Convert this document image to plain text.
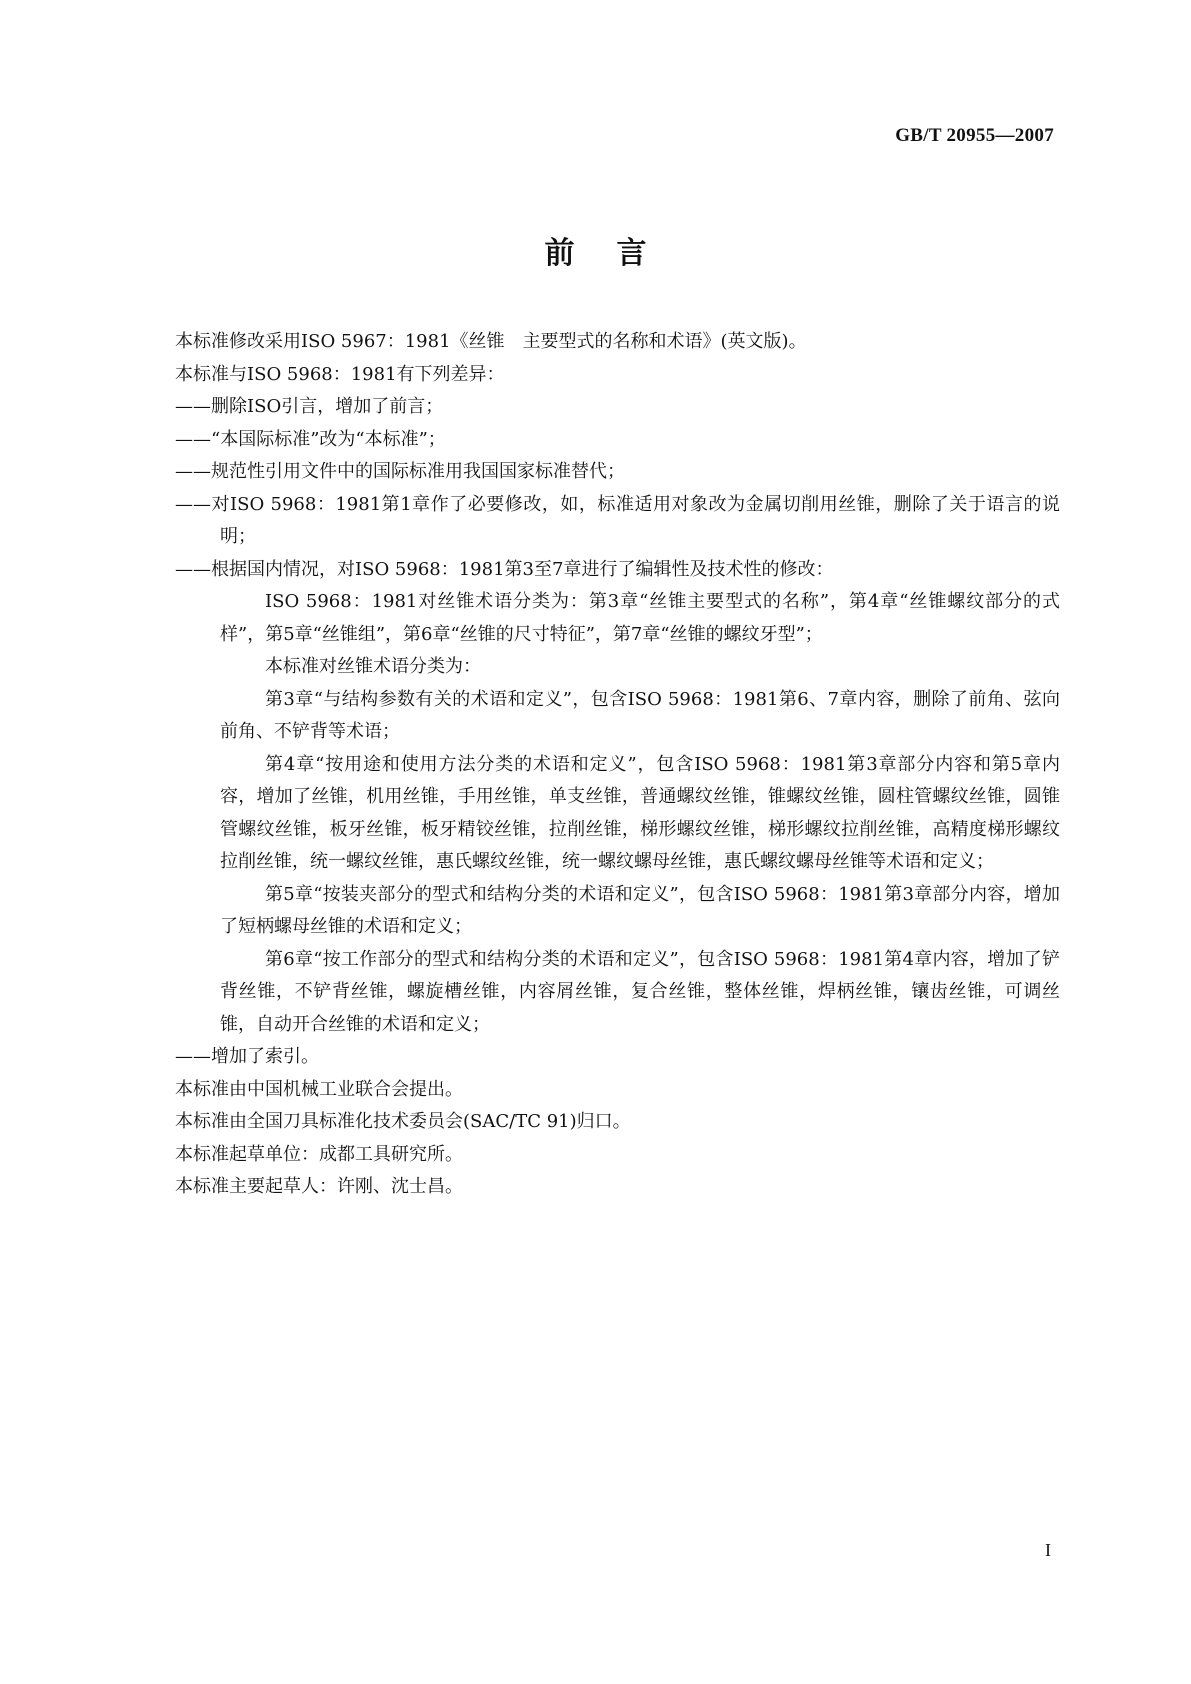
GB/T 20955—2007
前言

本标准修改采用ISO 5967：1981《丝锥　主要型式的名称和术语》(英文版)。

本标准与ISO 5968：1981有下列差异：

——删除ISO引言，增加了前言；

——“本国际标准”改为“本标准”；

——规范性引用文件中的国际标准用我国国家标准替代；

——对ISO 5968：1981第1章作了必要修改，如，标准适用对象改为金属切削用丝锥，删除了关于语言的说明；

——根据国内情况，对ISO 5968：1981第3至7章进行了编辑性及技术性的修改：

ISO 5968：1981对丝锥术语分类为：第3章“丝锥主要型式的名称”，第4章“丝锥螺纹部分的式样”，第5章“丝锥组”，第6章“丝锥的尺寸特征”，第7章“丝锥的螺纹牙型”；

本标准对丝锥术语分类为：

第3章“与结构参数有关的术语和定义”，包含ISO 5968：1981第6、7章内容，删除了前角、弦向前角、不铲背等术语；

第4章“按用途和使用方法分类的术语和定义”，包含ISO 5968：1981第3章部分内容和第5章内容，增加了丝锥，机用丝锥，手用丝锥，单支丝锥，普通螺纹丝锥，锥螺纹丝锥，圆柱管螺纹丝锥，圆锥管螺纹丝锥，板牙丝锥，板牙精铰丝锥，拉削丝锥，梯形螺纹丝锥，梯形螺纹拉削丝锥，高精度梯形螺纹拉削丝锥，统一螺纹丝锥，惠氏螺纹丝锥，统一螺纹螺母丝锥，惠氏螺纹螺母丝锥等术语和定义；

第5章“按装夹部分的型式和结构分类的术语和定义”，包含ISO 5968：1981第3章部分内容，增加了短柄螺母丝锥的术语和定义；

第6章“按工作部分的型式和结构分类的术语和定义”，包含ISO 5968：1981第4章内容，增加了铲背丝锥，不铲背丝锥，螺旋槽丝锥，内容屑丝锥，复合丝锥，整体丝锥，焊柄丝锥，镶齿丝锥，可调丝锥，自动开合丝锥的术语和定义；

——增加了索引。

本标准由中国机械工业联合会提出。

本标准由全国刀具标准化技术委员会(SAC/TC 91)归口。

本标准起草单位：成都工具研究所。

本标准主要起草人：许刚、沈士昌。

I
